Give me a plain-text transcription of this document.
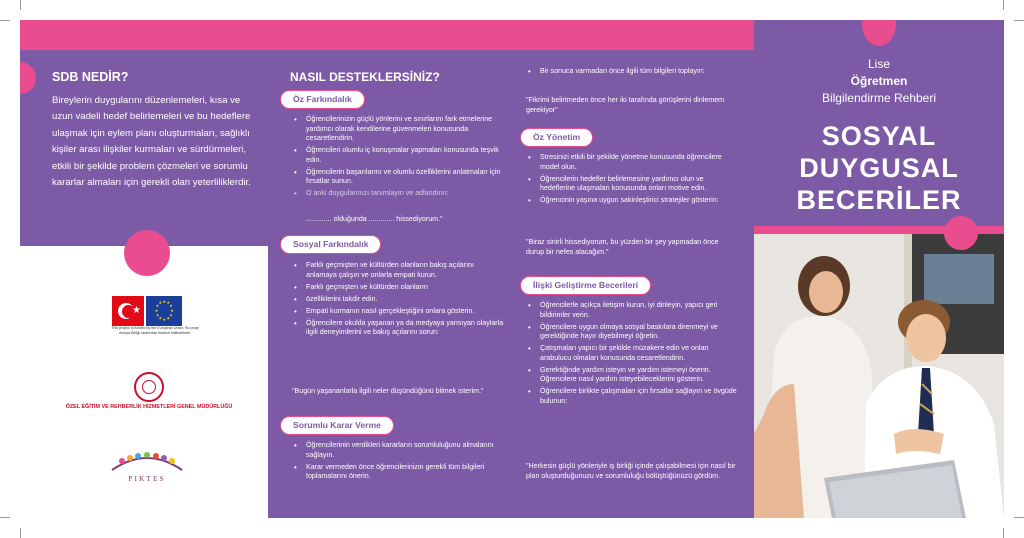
SDB NEDİR?
Bireylerin duygularını düzenlemeleri, kısa ve uzun vadeli hedef belirlemeleri ve bu hedeflere ulaşmak için eylem planı oluşturmaları, sağlıklı kişiler arası ilişkiler kurmaları ve sürdürmeleri, etkili bir şekilde problem çözmeleri ve sorumlu kararlar almaları için gerekli olan yeterliliklerdir.
★
★ ★
★
★
★
★
★
★
★
★
★
★
This project is funded by the European Union. Bu proje Avrupa Birliği tarafından finanse edilmektedir.
ÖZEL EĞİTİM VE REHBERLİK HİZMETLERİ GENEL MÜDÜRLÜĞÜ
PIKTES
NASIL DESTEKLERSİNİZ?
Öz Farkındalık
• Öğrencilerinizin güçlü yönlerini ve sınırlarını fark etmelerine yardımcı olarak kendilerine güvenmeleri konusunda cesaretlendirin.
• Öğrencileri olumlu iç konuşmalar yapmaları konusunda teşvik edin.
• Öğrencilerin başarılarını ve olumlu özelliklerini anlatmaları için fırsatlar sunun.
• O anki duygularınızı tanımlayın ve adlandırın:
............. olduğunda ............. hissediyorum."
Sosyal Farkındalık
• Farklı geçmişten ve kültürden olanların bakış açılarını anlamaya çalışın ve onlarla empati kurun.
• Farklı geçmişten ve kültürden olanların
• özelliklerini takdir edin.
• Empati kurmanın nasıl gerçekleştiğini onlara gösterin.
• Öğrencilere okulda yaşanan ya da medyaya yansıyan olaylarla ilgili deneyimlerini ve bakış açılarını sorun:
"Bugün yaşananlarla ilgili neler düşündüğünü bilmek isterim."
Sorumlu Karar Verme
• Öğrencilerinin verdikleri kararların sorumluluğunu almalarını sağlayın.
• Karar vermeden önce öğrencilerinizin gerekli tüm bilgileri toplamalarını önerin.
• Bir sonuca varmadan önce ilgili tüm bilgileri toplayın:
"Fikrimi belirtmeden önce her iki tarafında görüşlerini dinlemem gerekiyor"
Öz Yönetim
• Stresinizi etkili bir şekilde yönetme konusunda öğrencilere model olun.
• Öğrencilerin hedefler belirlemesine yardımcı olun ve hedeflerine ulaşmaları konusunda onları motive edin.
• Öğrencinin yaşına uygun sakinleştirici stratejiler gösterin:
"Biraz sinirli hissediyorum, bu yüzden bir şey yapmadan önce durup bir nefes alacağım."
İlişki Geliştirme Becerileri
• Öğrencilerle açıkça iletişim kurun, iyi dinleyin, yapıcı geri bildirimler verin.
• Öğrencilere uygun olmaya sosyal baskılara direnmeyi ve gerektiğinde hayır diyebilmeyi öğretin.
• Çatışmaları yapıcı bir şekilde müzakere edin ve onları arabulucu olmaları konusunda cesaretlendirin.
• Gerektiğinde yardım isteyin ve yardım istemeyi önerin. Öğrencilere nasıl yardım isteyebileceklerini gösterin.
• Öğrencilere birlikte çalışmaları için fırsatlar sağlayın ve övgüde bulunun:
"Herkesin güçlü yönleriyle iş birliği içinde çalışabilmesi için nasıl bir plan oluşturduğunuzu ve sorumluluğu bölüştüğünüzü gördüm.
Lise
Öğretmen
Bilgilendirme Rehberi
SOSYAL
DUYGUSAL
BECERİLER
